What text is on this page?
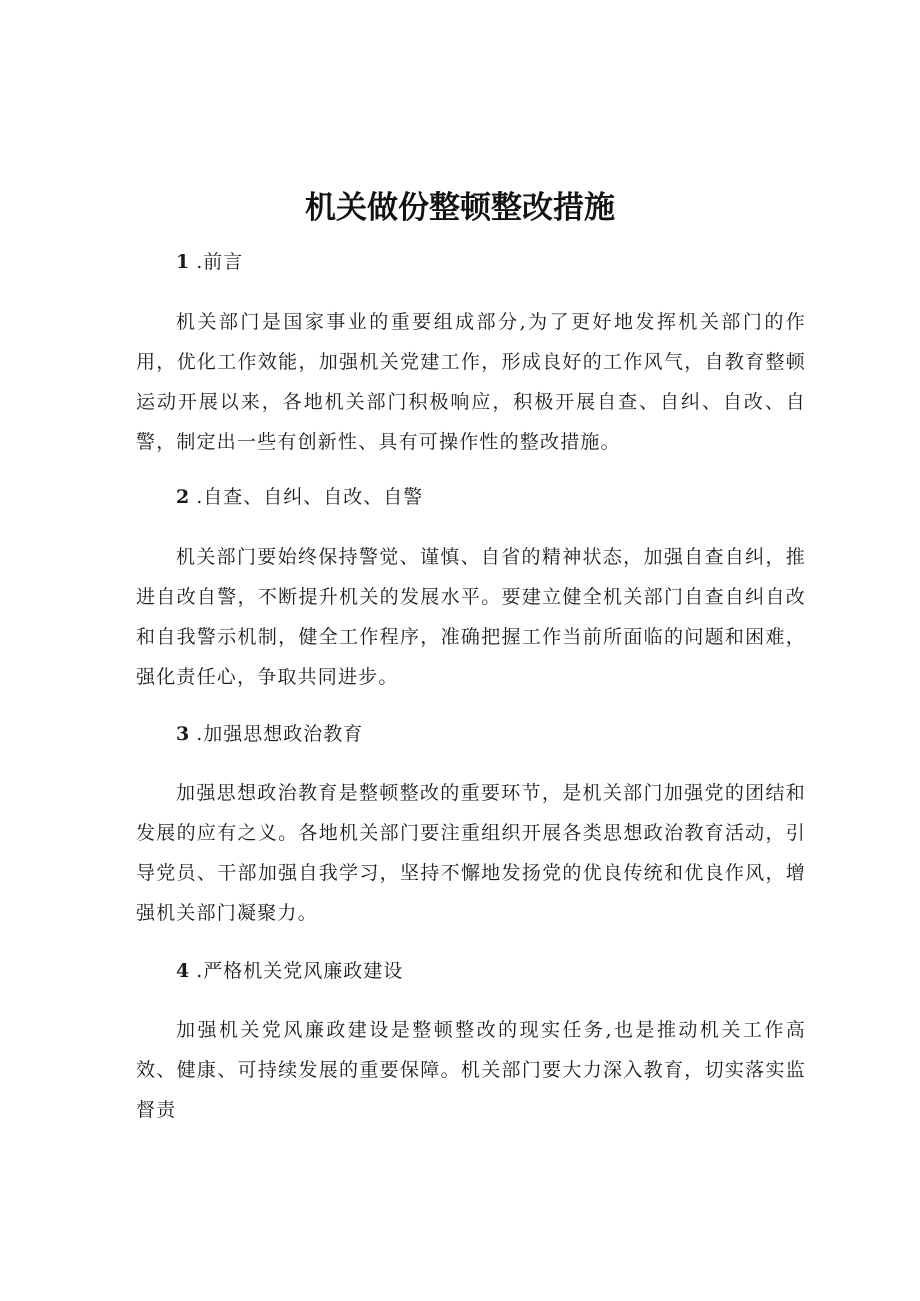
机关做份整顿整改措施

1 .前言

机关部门是国家事业的重要组成部分,为了更好地发挥机关部门的作用，优化工作效能，加强机关党建工作，形成良好的工作风气，自教育整顿运动开展以来，各地机关部门积极响应，积极开展自查、自纠、自改、自警，制定出一些有创新性、具有可操作性的整改措施。

2 .自查、自纠、自改、自警

机关部门要始终保持警觉、谨慎、自省的精神状态，加强自查自纠，推进自改自警，不断提升机关的发展水平。要建立健全机关部门自查自纠自改和自我警示机制，健全工作程序，准确把握工作当前所面临的问题和困难，强化责任心，争取共同进步。

3 .加强思想政治教育

加强思想政治教育是整顿整改的重要环节，是机关部门加强党的团结和发展的应有之义。各地机关部门要注重组织开展各类思想政治教育活动，引导党员、干部加强自我学习，坚持不懈地发扬党的优良传统和优良作风，增强机关部门凝聚力。

4 .严格机关党风廉政建设

加强机关党风廉政建设是整顿整改的现实任务,也是推动机关工作高效、健康、可持续发展的重要保障。机关部门要大力深入教育，切实落实监督责
